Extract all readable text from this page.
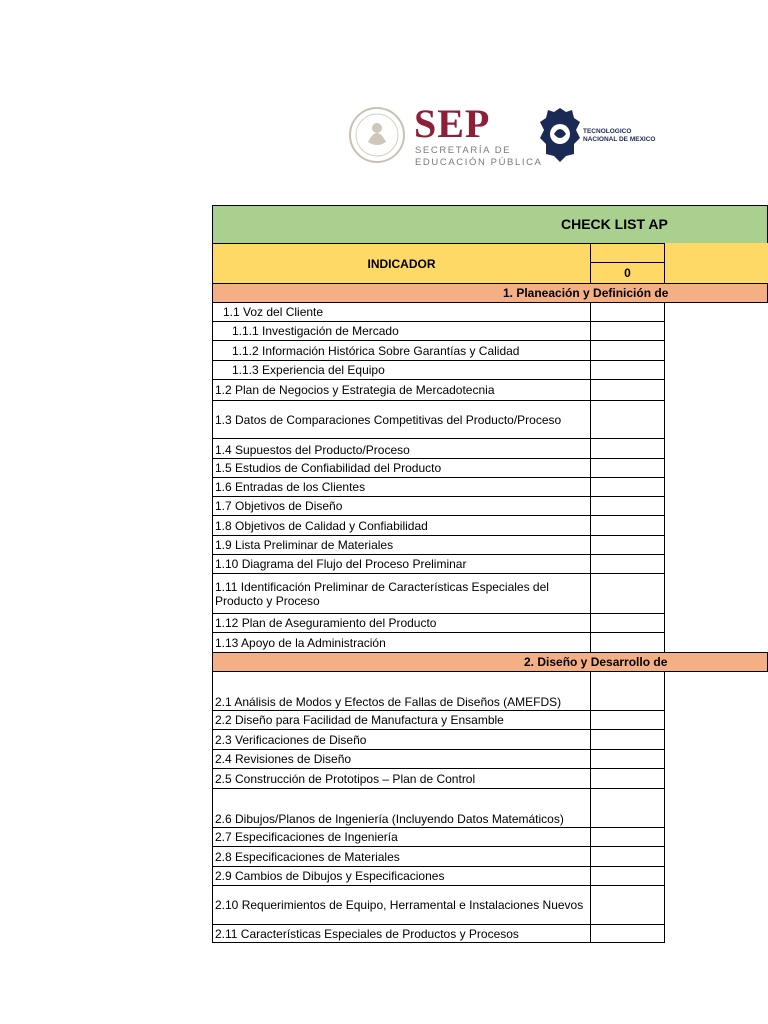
SEP
SECRETARÍA DE
EDUCACIÓN PÚBLICA
TECNOLOGICO
NACIONAL DE MEXICO
CHECK LIST AP
INDICADOR
0
1. Planeación y Definición de
1.1 Voz del Cliente
1.1.1 Investigación de Mercado
1.1.2 Información Histórica Sobre Garantías y Calidad
1.1.3 Experiencia del Equipo
1.2 Plan de Negocios y Estrategia de Mercadotecnia
1.3 Datos de Comparaciones Competitivas del Producto/Proceso
1.4 Supuestos del Producto/Proceso
1.5 Estudios de Confiabilidad del Producto
1.6 Entradas de los Clientes
1.7 Objetivos de Diseño
1.8 Objetivos de Calidad y Confiabilidad
1.9 Lista Preliminar de Materiales
1.10 Diagrama del Flujo del Proceso Preliminar
1.11 Identificación Preliminar de Características Especiales del Producto y Proceso
1.12 Plan de Aseguramiento del Producto
1.13 Apoyo de la Administración
2. Diseño y Desarrollo de
2.1 Análisis de Modos y Efectos de Fallas de Diseños (AMEFDS)
2.2 Diseño para Facilidad de Manufactura y Ensamble
2.3 Verificaciones de Diseño
2.4 Revisiones de Diseño
2.5 Construcción de Prototipos – Plan de Control
2.6 Dibujos/Planos de Ingeniería (Incluyendo Datos Matemáticos)
2.7 Especificaciones de Ingeniería
2.8 Especificaciones de Materiales
2.9 Cambios de Dibujos y Especificaciones
2.10 Requerimientos de Equipo, Herramental e Instalaciones Nuevos
2.11 Características Especiales de Productos y Procesos
